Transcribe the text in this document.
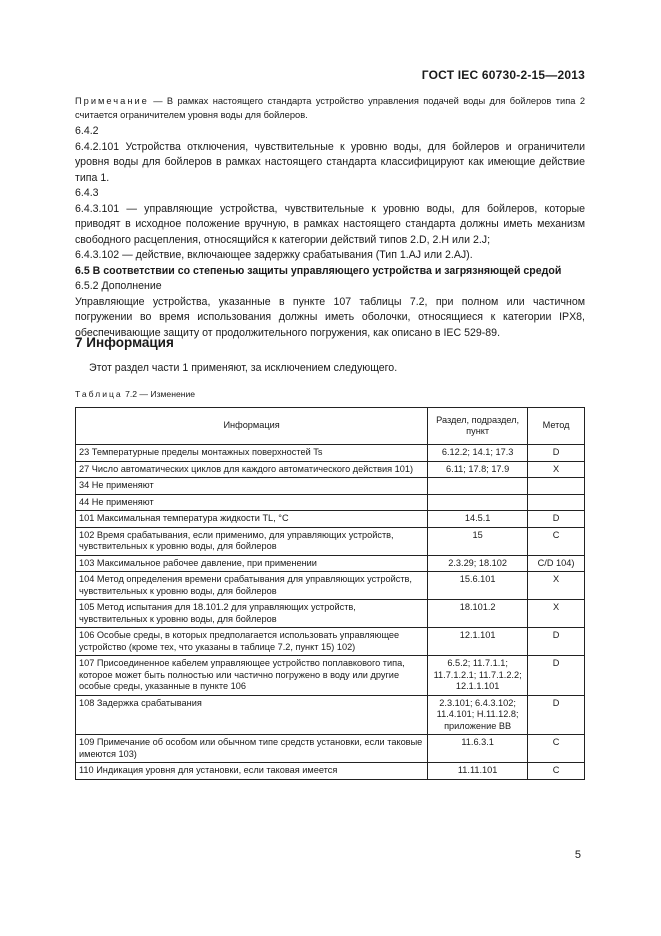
ГОСТ IEC 60730-2-15—2013
Примечание — В рамках настоящего стандарта устройство управления подачей воды для бойлеров типа 2 считается ограничителем уровня воды для бойлеров.

6.4.2

6.4.2.101 Устройства отключения, чувствительные к уровню воды, для бойлеров и ограничители уровня воды для бойлеров в рамках настоящего стандарта классифицируют как имеющие действие типа 1.

6.4.3

6.4.3.101 — управляющие устройства, чувствительные к уровню воды, для бойлеров, которые приводят в исходное положение вручную, в рамках настоящего стандарта должны иметь механизм свободного расцепления, относящийся к категории действий типов 2.D, 2.H или 2.J;

6.4.3.102 — действие, включающее задержку срабатывания (Тип 1.AJ или 2.AJ).

6.5 В соответствии со степенью защиты управляющего устройства и загрязняющей средой

6.5.2 Дополнение

Управляющие устройства, указанные в пункте 107 таблицы 7.2, при полном или частичном погружении во время использования должны иметь оболочки, относящиеся к категории IPX8, обеспечивающие защиту от продолжительного погружения, как описано в IEC 529-89.

7 Информация
Этот раздел части 1 применяют, за исключением следующего.
Таблица 7.2 — Изменение
Информация	Раздел, подраздел, пункт	Метод
23 Температурные пределы монтажных поверхностей Ts	6.12.2; 14.1; 17.3	D
27 Число автоматических циклов для каждого автоматического действия 101)	6.11; 17.8; 17.9	X
34 Не применяют		
44 Не применяют		
101 Максимальная температура жидкости TL, °C	14.5.1	D
102 Время срабатывания, если применимо, для управляющих устройств, чувствительных к уровню воды, для бойлеров	15	C
103 Максимальное рабочее давление, при применении	2.3.29; 18.102	C/D 104)
104 Метод определения времени срабатывания для управляющих устройств, чувствительных к уровню воды, для бойлеров	15.6.101	X
105 Метод испытания для 18.101.2 для управляющих устройств, чувствительных к уровню воды, для бойлеров	18.101.2	X
106 Особые среды, в которых предполагается использовать управляющее устройство (кроме тех, что указаны в таблице 7.2, пункт 15) 102)	12.1.101	D
107 Присоединенное кабелем управляющее устройство поплавкового типа, которое может быть полностью или частично погружено в воду или другие особые среды, указанные в пункте 106	6.5.2; 11.7.1.1; 11.7.1.2.1; 11.7.1.2.2; 12.1.1.101	D
108 Задержка срабатывания	2.3.101; 6.4.3.102; 11.4.101; H.11.12.8; приложение ВВ	D
109 Примечание об особом или обычном типе средств установки, если таковые имеются 103)	11.6.3.1	C
110 Индикация уровня для установки, если таковая имеется	11.11.101	C
5
